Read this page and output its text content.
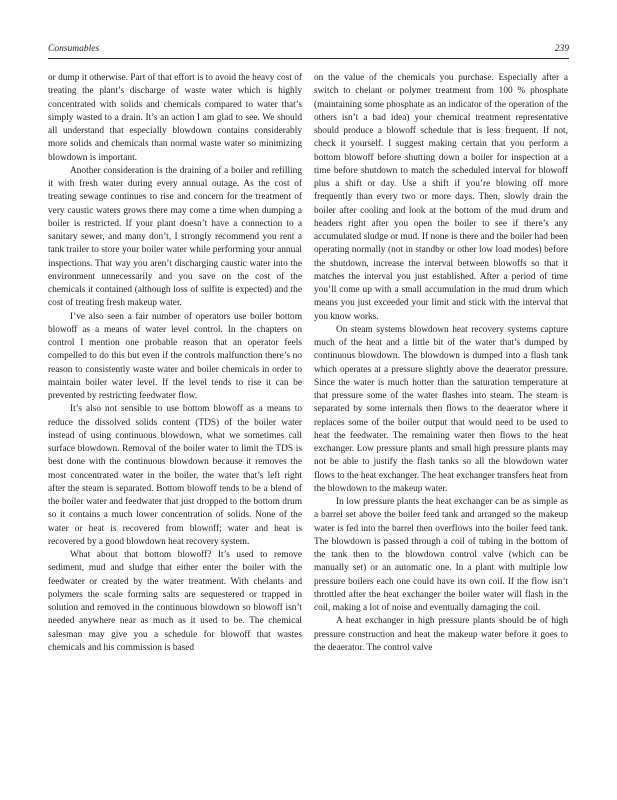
Consumables	239

or dump it otherwise. Part of that effort is to avoid the heavy cost of treating the plant’s discharge of waste water which is highly concentrated with solids and chemicals compared to water that’s simply wasted to a drain. It’s an action I am glad to see. We should all understand that especially blowdown contains considerably more solids and chemicals than normal waste water so minimizing blowdown is important.

Another consideration is the draining of a boiler and refilling it with fresh water during every annual outage. As the cost of treating sewage continues to rise and concern for the treatment of very caustic waters grows there may come a time when dumping a boiler is restricted. If your plant doesn’t have a connection to a sanitary sewer, and many don’t, I strongly recommend you rent a tank trailer to store your boiler water while performing your annual inspections. That way you aren’t discharging caustic water into the environment unnecessarily and you save on the cost of the chemicals it contained (although loss of sulfite is expected) and the cost of treating fresh makeup water.

I’ve also seen a fair number of operators use boiler bottom blowoff as a means of water level control. In the chapters on control I mention one probable reason that an operator feels compelled to do this but even if the controls malfunction there’s no reason to consistently waste water and boiler chemicals in order to maintain boiler water level. If the level tends to rise it can be prevented by restricting feedwater flow.

It’s also not sensible to use bottom blowoff as a means to reduce the dissolved solids content (TDS) of the boiler water instead of using continuous blowdown, what we sometimes call surface blowdown. Removal of the boiler water to limit the TDS is best done with the continuous blowdown because it removes the most concentrated water in the boiler, the water that’s left right after the steam is separated. Bottom blowoff tends to be a blend of the boiler water and feedwater that just dropped to the bottom drum so it contains a much lower concentration of solids. None of the water or heat is recovered from blowoff; water and heat is recovered by a good blowdown heat recovery system.

What about that bottom blowoff? It’s used to remove sediment, mud and sludge that either enter the boiler with the feedwater or created by the water treatment. With chelants and polymers the scale forming salts are sequestered or trapped in solution and removed in the continuous blowdown so blowoff isn’t needed anywhere near as much as it used to be. The chemical salesman may give you a schedule for blowoff that wastes chemicals and his commission is based

on the value of the chemicals you purchase. Especially after a switch to chelant or polymer treatment from 100 % phosphate (maintaining some phosphate as an indicator of the operation of the others isn’t a bad idea) your chemical treatment representative should produce a blowoff schedule that is less frequent. If not, check it yourself. I suggest making certain that you perform a bottom blowoff before shutting down a boiler for inspection at a time before shutdown to match the scheduled interval for blowoff plus a shift or day. Use a shift if you’re blowing off more frequently than every two or more days. Then, slowly drain the boiler after cooling and look at the bottom of the mud drum and headers right after you open the boiler to see if there’s any accumulated sludge or mud. If none is there and the boiler had been operating normally (not in standby or other low load modes) before the shutdown, increase the interval between blowoffs so that it matches the interval you just established. After a period of time you’ll come up with a small accumulation in the mud drum which means you just exceeded your limit and stick with the interval that you know works.

On steam systems blowdown heat recovery systems capture much of the heat and a little bit of the water that’s dumped by continuous blowdown. The blowdown is dumped into a flash tank which operates at a pressure slightly above the deaerator pressure. Since the water is much hotter than the saturation temperature at that pressure some of the water flashes into steam. The steam is separated by some internals then flows to the deaerator where it replaces some of the boiler output that would need to be used to heat the feedwater. The remaining water then flows to the heat exchanger. Low pressure plants and small high pressure plants may not be able to justify the flash tanks so all the blowdown water flows to the heat exchanger. The heat exchanger transfers heat from the blowdown to the makeup water.

In low pressure plants the heat exchanger can be as simple as a barrel set above the boiler feed tank and arranged so the makeup water is fed into the barrel then overflows into the boiler feed tank. The blowdown is passed through a coil of tubing in the bottom of the tank then to the blowdown control valve (which can be manually set) or an automatic one. In a plant with multiple low pressure boilers each one could have its own coil. If the flow isn’t throttled after the heat exchanger the boiler water will flash in the coil, making a lot of noise and eventually damaging the coil.

A heat exchanger in high pressure plants should be of high pressure construction and heat the makeup water before it goes to the deaerator. The control valve
